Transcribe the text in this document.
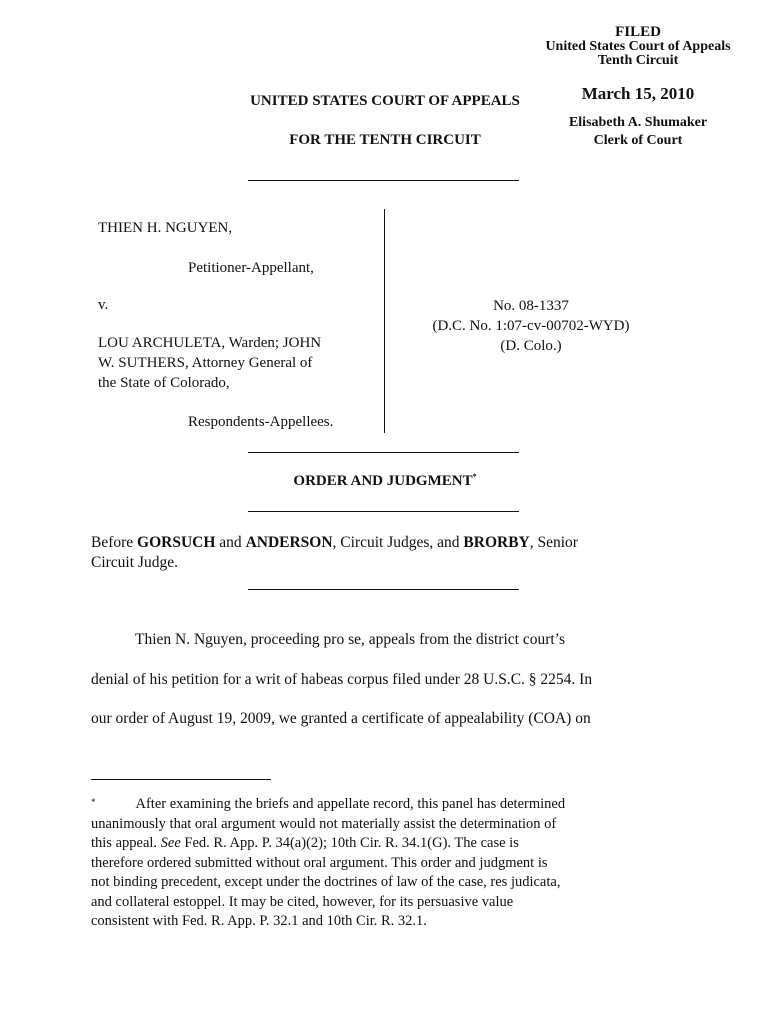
FILED
United States Court of Appeals
Tenth Circuit
March 15, 2010
Elisabeth A. Shumaker
Clerk of Court
UNITED STATES COURT OF APPEALS
FOR THE TENTH CIRCUIT
THIEN H. NGUYEN,
Petitioner-Appellant,
v.
LOU ARCHULETA, Warden; JOHN
W. SUTHERS, Attorney General of
the State of Colorado,
Respondents-Appellees.
No. 08-1337
(D.C. No. 1:07-cv-00702-WYD)
(D. Colo.)
ORDER AND JUDGMENT*
Before GORSUCH and ANDERSON, Circuit Judges, and BRORBY, Senior
Circuit Judge.
Thien N. Nguyen, proceeding pro se, appeals from the district court’s
denial of his petition for a writ of habeas corpus filed under 28 U.S.C. § 2254. In
our order of August 19, 2009, we granted a certificate of appealability (COA) on
*	After examining the briefs and appellate record, this panel has determined
unanimously that oral argument would not materially assist the determination of
this appeal. See Fed. R. App. P. 34(a)(2); 10th Cir. R. 34.1(G). The case is
therefore ordered submitted without oral argument. This order and judgment is
not binding precedent, except under the doctrines of law of the case, res judicata,
and collateral estoppel. It may be cited, however, for its persuasive value
consistent with Fed. R. App. P. 32.1 and 10th Cir. R. 32.1.
